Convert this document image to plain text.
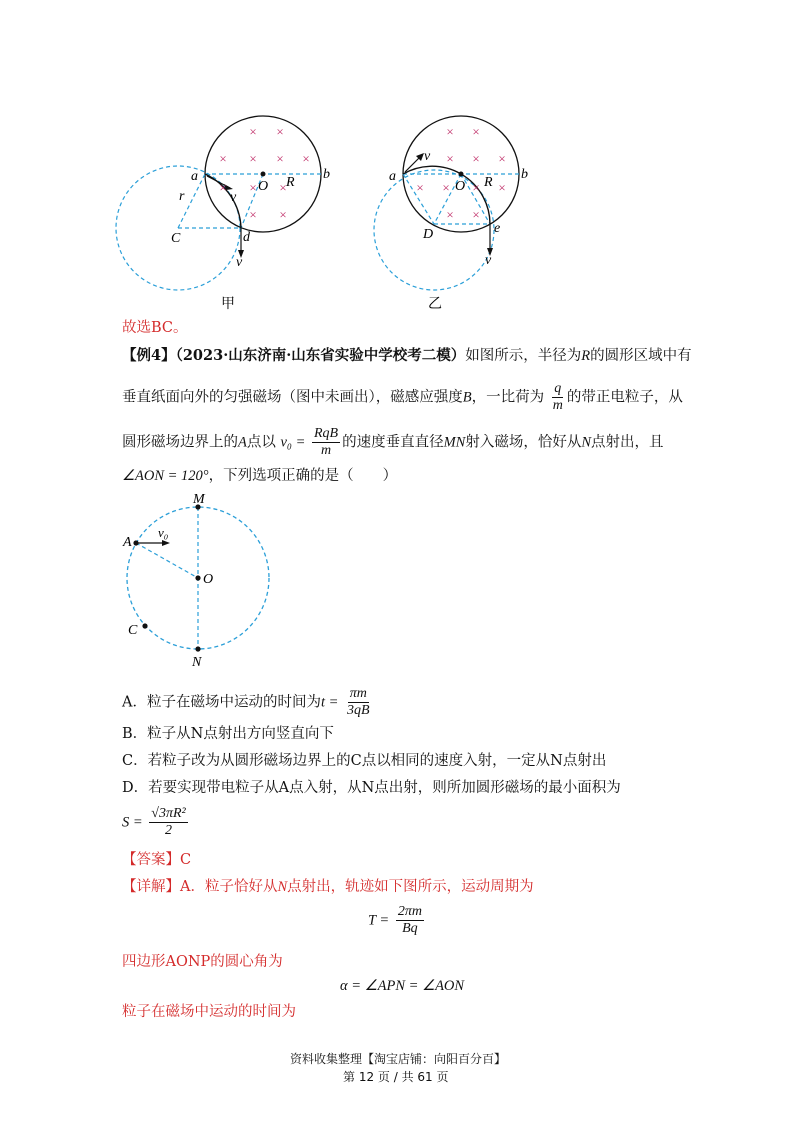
× ×
× × × ×
× × ×
× ×
a	b
O R
r
C	d
v
v
甲
× ×
× × ×
× × × ×
× ×
a	b
O R
D	e
v
v
乙
故选BC。
【例4】（2023·山东济南·山东省实验中学校考二模）如图所示，半径为R的圆形区域中有
垂直纸面向外的匀强磁场（图中未画出），磁感应强度B，一比荷为 $\frac{q}{m}$ 的带正电粒子，从
圆形磁场边界上的A点以 $v_0 = \frac{\text{RqB}}{m}$ 的速度垂直直径MN射入磁场，恰好从N点射出，且
∠AON = 120°，下列选项正确的是（　　）
M
A
v₀
O
C
N
A．粒子在磁场中运动的时间为$t = \frac{\pi m}{3qB}$
B．粒子从N点射出方向竖直向下
C．若粒子改为从圆形磁场边界上的C点以相同的速度入射，一定从N点射出
D．若要实现带电粒子从A点入射，从N点出射，则所加圆形磁场的最小面积为
$S = \frac{\text{√3πR²}}{2}$
【答案】C
【详解】A．粒子恰好从N点射出，轨迹如下图所示，运动周期为
$T = \frac{2\pi m}{Bq}$
四边形AONP的圆心角为
α = ∠APN = ∠AON
粒子在磁场中运动的时间为
资料收集整理【淘宝店铺：向阳百分百】
第 12 页 / 共 61 页
